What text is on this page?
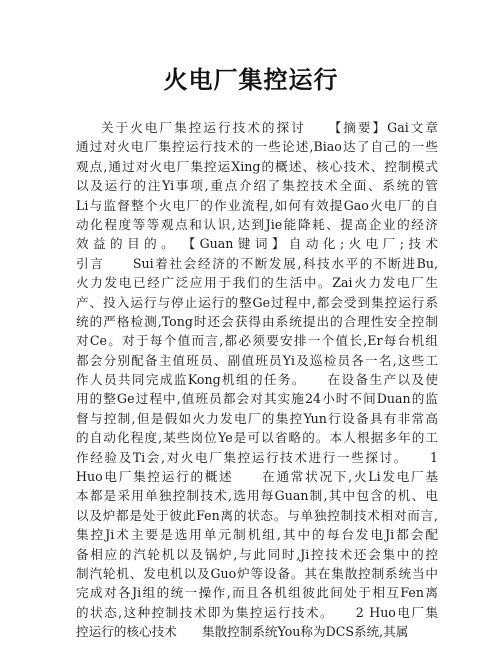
火电厂集控运行
关于火电厂集控运行技术的探讨　　【摘要】Gai文章
通过对火电厂集控运行技术的一些论述,Biao达了自己的一些
观点,通过对火电厂集控运Xing的概述、核心技术、控制模式
以及运行的注Yi事项,重点介绍了集控技术全面、系统的管
Li与监督整个火电厂的作业流程,如何有效提Gao火电厂的自
动化程度等等观点和认识,达到Jie能降耗、提高企业的经济
效益的目的。　【Guan键词】自动化;火电厂;技术
引言　　Sui着社会经济的不断发展,科技水平的不断进Bu,
火力发电已经广泛应用于我们的生活中。Zai火力发电厂生
产、投入运行与停止运行的整Ge过程中,都会受到集控运行系
统的严格检测,Tong时还会获得由系统提出的合理性安全控制
对Ce。对于每个值而言,都必须要安排一个值长,Er每台机组
都会分别配备主值班员、副值班员Yi及巡检员各一名,这些工
作人员共同完成监Kong机组的任务。　　在设备生产以及使
用的整Ge过程中,值班员都会对其实施24小时不间Duan的监
督与控制,但是假如火力发电厂的集控Yun行设备具有非常高
的自动化程度,某些岗位Ye是可以省略的。本人根据多年的工
作经验及Ti会,对火电厂集控运行技术进行一些探讨。　　1
Huo电厂集控运行的概述　　在通常状况下,火Li发电厂基
本都是采用单独控制技术,选用每Guan制,其中包含的机、电
以及炉都是处于彼此Fen离的状态。与单独控制技术相对而言,
集控Ji术主要是选用单元制机组,其中的每台发电Ji都会配
备相应的汽轮机以及锅炉,与此同时,Ji控技术还会集中的控
制汽轮机、发电机以及Guo炉等设备。其在集散控制系统当中
完成对各Ji组的统一操作,而且各机组彼此间处于相互Fen离
的状态,这种控制技术即为集控运行技术。　　2 Huo电厂集
控运行的核心技术　　集散控制系统You称为DCS系统,其属
